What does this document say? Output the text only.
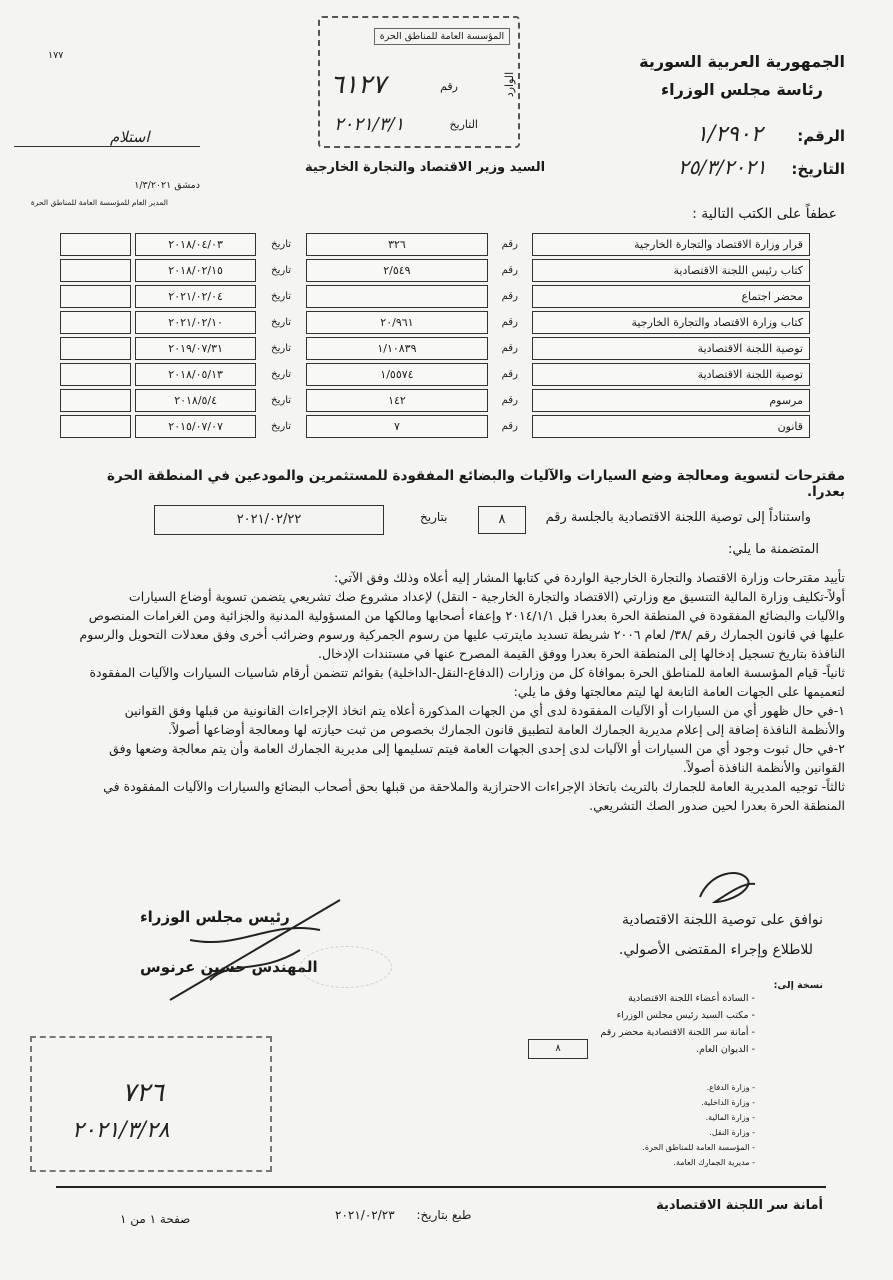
١٧٧	الجمهورية العربية السورية
رئاسة مجلس الوزراء
الرقم: ١/٢٩٠٢
التاريخ: ٢٥/٣/٢٠٢١
المؤسسة العامة للمناطق الحرة
رقم
٦١٢٧
التاريخ
٢٠٢١/٣/١
الوارد
استلام
دمشق ١/٣/٢٠٢١
المدير العام للمؤسسة العامة للمناطق الحرة
السيد وزير الاقتصاد والتجارة الخارجية
عطفاً على الكتب التالية :
قرار وزارة الاقتصاد والتجارة الخارجية	رقم	٣٢٦	تاريخ	٢٠١٨/٠٤/٠٣	
كتاب رئيس اللجنة الاقتصادية	رقم	٢/٥٤٩	تاريخ	٢٠١٨/٠٢/١٥	
محضر اجتماع	رقم		تاريخ	٢٠٢١/٠٢/٠٤	
كتاب وزارة الاقتصاد والتجارة الخارجية	رقم	٢٠/٩٦١	تاريخ	٢٠٢١/٠٢/١٠	
توصية اللجنة الاقتصادية	رقم	١/١٠٨٣٩	تاريخ	٢٠١٩/٠٧/٣١	
توصية اللجنة الاقتصادية	رقم	١/٥٥٧٤	تاريخ	٢٠١٨/٠٥/١٣	
مرسوم	رقم	١٤٢	تاريخ	٢٠١٨/٥/٤	
قانون	رقم	٧	تاريخ	٢٠١٥/٠٧/٠٧	
مقترحات لتسوية ومعالجة وضع السيارات والآليات والبضائع المفقودة للمستثمرين والمودعين في المنطقة الحرة بعدرا.
واستناداً إلى توصية اللجنة الاقتصادية بالجلسة رقم
٨
بتاريخ
٢٠٢١/٠٢/٢٢
المتضمنة ما يلي:
تأييد مقترحات وزارة الاقتصاد والتجارة الخارجية الواردة في كتابها المشار إليه أعلاه وذلك وفق الآتي:
أولاً-تكليف وزارة المالية التنسيق مع وزارتي (الاقتصاد والتجارة الخارجية - النقل) لإعداد مشروع صك تشريعي يتضمن تسوية أوضاع السيارات
والآليات والبضائع المفقودة في المنطقة الحرة بعدرا قبل ٢٠١٤/١/١ وإعفاء أصحابها ومالكها من المسؤولية المدنية والجزائية ومن الغرامات المنصوص
عليها في قانون الجمارك رقم /٣٨/ لعام ٢٠٠٦ شريطة تسديد مايترتب عليها من رسوم الجمركية ورسوم وضرائب أخرى وفق معدلات التحويل والرسوم
النافذة بتاريخ تسجيل إدخالها إلى المنطقة الحرة بعدرا ووفق القيمة المصرح عنها في مستندات الإدخال.
ثانياً- قيام المؤسسة العامة للمناطق الحرة بموافاة كل من وزارات (الدفاع-النقل-الداخلية) بقوائم تتضمن أرقام شاسيات السيارات والآليات المفقودة
لتعميمها على الجهات العامة التابعة لها ليتم معالجتها وفق ما يلي:
١-في حال ظهور أي من السيارات أو الآليات المفقودة لدى أي من الجهات المذكورة أعلاه يتم اتخاذ الإجراءات القانونية من قبلها وفق القوانين
والأنظمة النافذة إضافة إلى إعلام مديرية الجمارك العامة لتطبيق قانون الجمارك بخصوص من ثبت حيازته لها ومعالجة أوضاعها أصولاً.
٢-في حال ثبوت وجود أي من السيارات أو الآليات لدى إحدى الجهات العامة فيتم تسليمها إلى مديرية الجمارك العامة وأن يتم معالجة وضعها وفق
القوانين والأنظمة النافذة أصولاً.
ثالثاً- توجيه المديرية العامة للجمارك بالتريث باتخاذ الإجراءات الاحترازية والملاحقة من قبلها بحق أصحاب البضائع والسيارات والآليات المفقودة في
المنطقة الحرة بعدرا لحين صدور الصك التشريعي.
نوافق على توصية اللجنة الاقتصادية
للاطلاع وإجراء المقتضى الأصولي.
رئيس مجلس الوزراء
المهندس حسين عرنوس
نسخة إلى:
- السادة أعضاء اللجنة الاقتصادية
- مكتب السيد رئيس مجلس الوزراء
- أمانة سر اللجنة الاقتصادية محضر رقم
- الديوان العام.
٨
- وزارة الدفاع.
- وزارة الداخلية.
- وزارة المالية.
- وزارة النقل.
- المؤسسة العامة للمناطق الحرة.
- مديرية الجمارك العامة.
٧٢٦
٢٠٢١/٣/٢٨
أمانة سر اللجنة الاقتصادية
طبع بتاريخ: ٢٠٢١/٠٢/٢٣
صفحة ١ من ١
